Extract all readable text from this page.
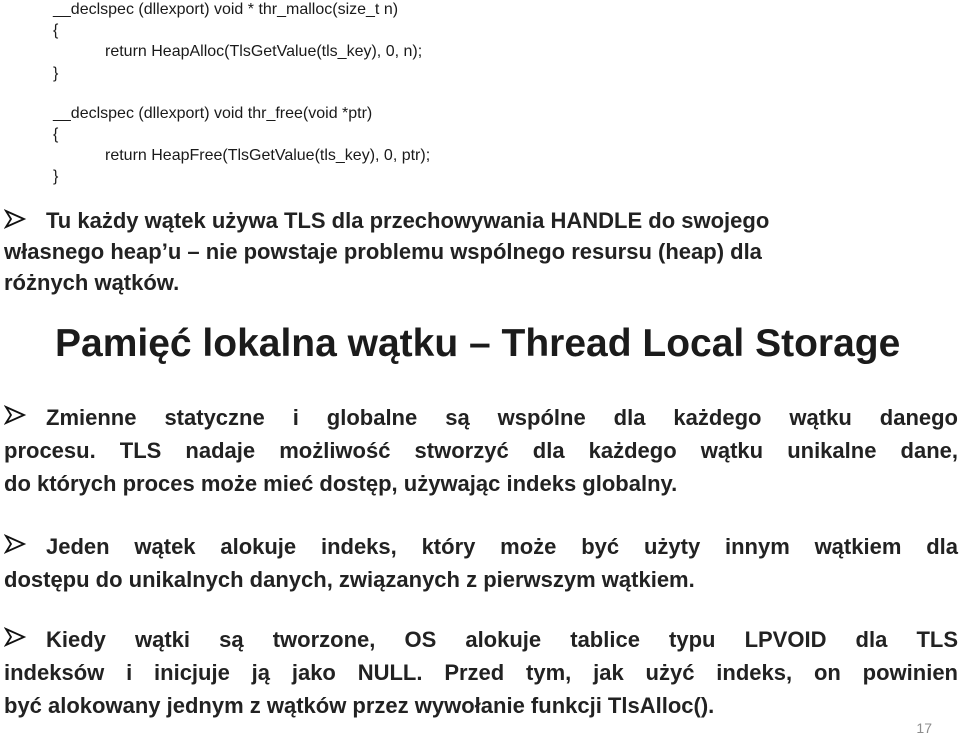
__declspec (dllexport) void * thr_malloc(size_t n)
{
return HeapAlloc(TlsGetValue(tls_key), 0, n);
}
__declspec (dllexport) void thr_free(void *ptr)
{
return HeapFree(TlsGetValue(tls_key), 0, ptr);
}
Tu każdy wątek używa TLS dla przechowywania HANDLE do swojego
własnego heap’u – nie powstaje problemu wspólnego resursu (heap) dla
różnych wątków.
Pamięć lokalna wątku – Thread Local Storage
Zmienne statyczne i globalne są wspólne dla każdego wątku danego
procesu. TLS nadaje możliwość stworzyć dla każdego wątku unikalne dane,
do których proces może mieć dostęp, używając indeks globalny.
Jeden wątek alokuje indeks, który może być użyty innym wątkiem dla
dostępu do unikalnych danych, związanych z pierwszym wątkiem.
Kiedy wątki są tworzone, OS alokuje tablice typu LPVOID dla TLS
indeksów i inicjuje ją jako NULL. Przed tym, jak użyć indeks, on powinien
być alokowany jednym z wątków przez wywołanie funkcji TlsAlloc().
17
